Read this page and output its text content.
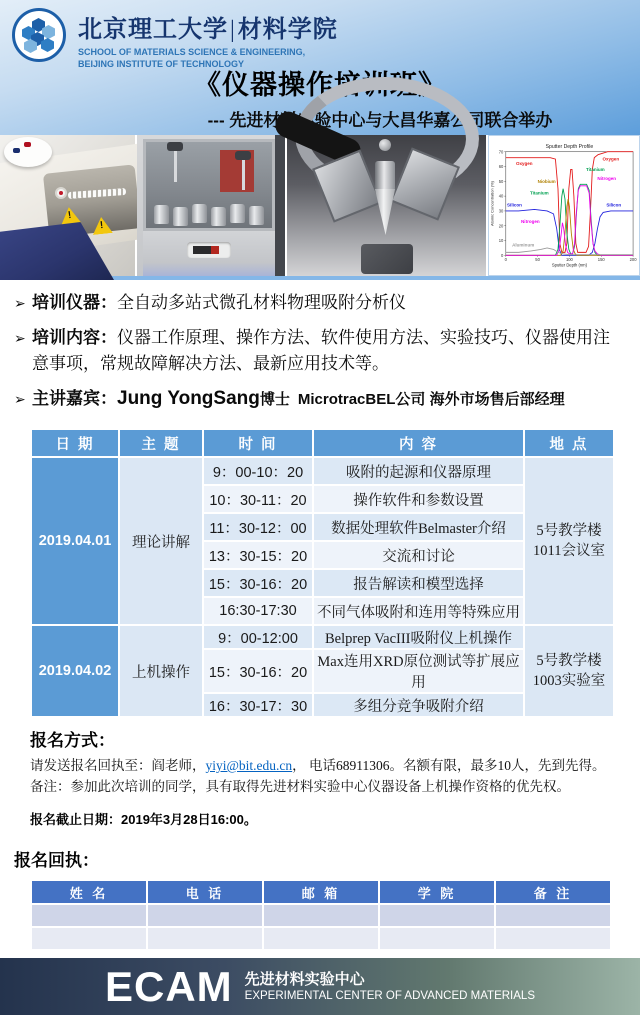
北京理工大学|材料学院
SCHOOL OF MATERIALS SCIENCE & ENGINEERING,
BEIJING INSTITUTE OF TECHNOLOGY
《仪器操作培训班》
--- 先进材料实验中心与大昌华嘉公司联合举办
!
!
0
10
20
30
40
50
60
70
0	50	100	150	200
Oxygen
Oxygen
Titanium
Nitrogen
Niobium
Titanium
Silicon	Silicon
Nitrogen
Aluminum
Sputter Depth Profile
Sputter Depth (nm)
Atomic Concentration (%)
➢ 培训仪器：全自动多站式微孔材料物理吸附分析仪
➢ 培训内容：仪器工作原理、操作方法、软件使用方法、实验技巧、仪器使用注意事项，常规故障解决方法、最新应用技术等。
➢ 主讲嘉宾：Jung YongSang博士 MicrotracBEL公司 海外市场售后部经理
日 期	主 题	时 间	内 容	地 点
2019.04.01	理论讲解	9：00-10：20	吸附的起源和仪器原理	5号教学楼
1011会议室

		10：30-11：20	操作软件和参数设置	
		11：30-12：00	数据处理软件Belmaster介绍	
		13：30-15：20	交流和讨论	
		15：30-16：20	报告解读和模型选择	
		16:30-17:30	不同气体吸附和连用等特殊应用	
2019.04.02	上机操作	9：00-12:00	Belprep VacIII吸附仪上机操作	5号教学楼
1003实验室

		15：30-16：20	Max连用XRD原位测试等扩展应用	
		16：30-17：30	多组分竞争吸附介绍	
报名方式：
请发送报名回执至：阎老师，yiyi@bit.edu.cn， 电话68911306。名额有限，最多10人，先到先得。
备注：参加此次培训的同学，具有取得先进材料实验中心仪器设备上机操作资格的优先权。
报名截止日期：2019年3月28日16:00。
报名回执：
姓 名	电 话	邮 箱	学 院	备 注

ECAM 先进材料实验中心
EXPERIMENTAL CENTER OF ADVANCED MATERIALS
